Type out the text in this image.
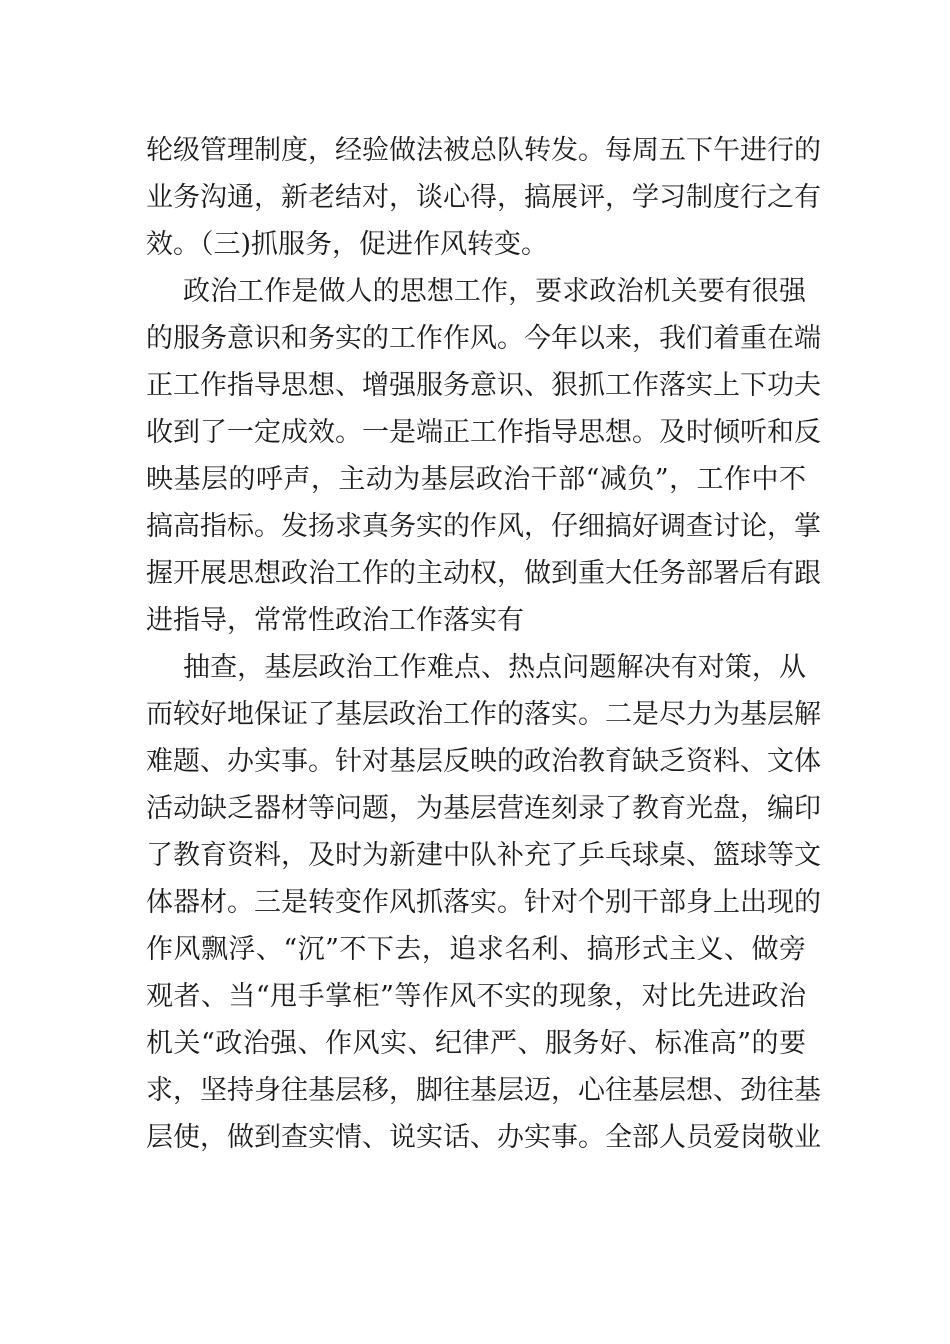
轮级管理制度，经验做法被总队转发。每周五下午进行的
业务沟通，新老结对，谈心得，搞展评，学习制度行之有
效。（三)抓服务，促进作风转变。
政治工作是做人的思想工作，要求政治机关要有很强
的服务意识和务实的工作作风。今年以来，我们着重在端
正工作指导思想、增强服务意识、狠抓工作落实上下功夫
收到了一定成效。一是端正工作指导思想。及时倾听和反
映基层的呼声，主动为基层政治干部“减负”，工作中不
搞高指标。发扬求真务实的作风，仔细搞好调查讨论，掌
握开展思想政治工作的主动权，做到重大任务部署后有跟
进指导，常常性政治工作落实有
抽查，基层政治工作难点、热点问题解决有对策，从
而较好地保证了基层政治工作的落实。二是尽力为基层解
难题、办实事。针对基层反映的政治教育缺乏资料、文体
活动缺乏器材等问题，为基层营连刻录了教育光盘，编印
了教育资料，及时为新建中队补充了乒乓球桌、篮球等文
体器材。三是转变作风抓落实。针对个别干部身上出现的
作风飘浮、“沉”不下去，追求名利、搞形式主义、做旁
观者、当“甩手掌柜”等作风不实的现象，对比先进政治
机关“政治强、作风实、纪律严、服务好、标准高”的要
求，坚持身往基层移，脚往基层迈，心往基层想、劲往基
层使，做到查实情、说实话、办实事。全部人员爱岗敬业
